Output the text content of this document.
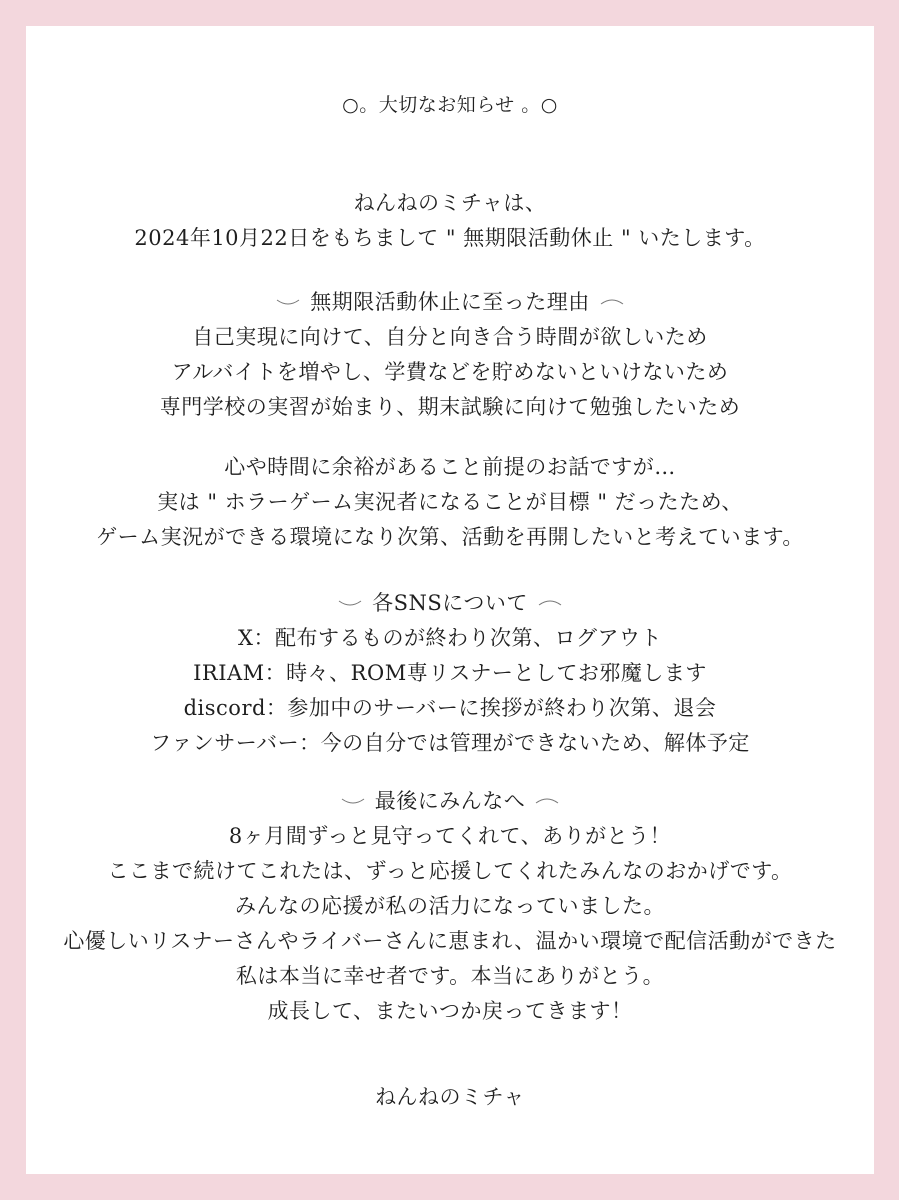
○。大切なお知らせ 。○
ねんねのミチャは、
2024年10月22日をもちまして " 無期限活動休止 " いたします。
無期限活動休止に至った理由
自己実現に向けて、自分と向き合う時間が欲しいため
アルバイトを増やし、学費などを貯めないといけないため
専門学校の実習が始まり、期末試験に向けて勉強したいため
心や時間に余裕があること前提のお話ですが…
実は " ホラーゲーム実況者になることが目標 " だったため、
ゲーム実況ができる環境になり次第、活動を再開したいと考えています。
各SNSについて
X：配布するものが終わり次第、ログアウト
IRIAM：時々、ROM専リスナーとしてお邪魔します
discord：参加中のサーバーに挨拶が終わり次第、退会
ファンサーバー：今の自分では管理ができないため、解体予定
最後にみんなへ
8ヶ月間ずっと見守ってくれて、ありがとう！
ここまで続けてこれたは、ずっと応援してくれたみんなのおかげです。
みんなの応援が私の活力になっていました。
心優しいリスナーさんやライバーさんに恵まれ、温かい環境で配信活動ができた
私は本当に幸せ者です。本当にありがとう。
成長して、またいつか戻ってきます！
ねんねのミチャ
